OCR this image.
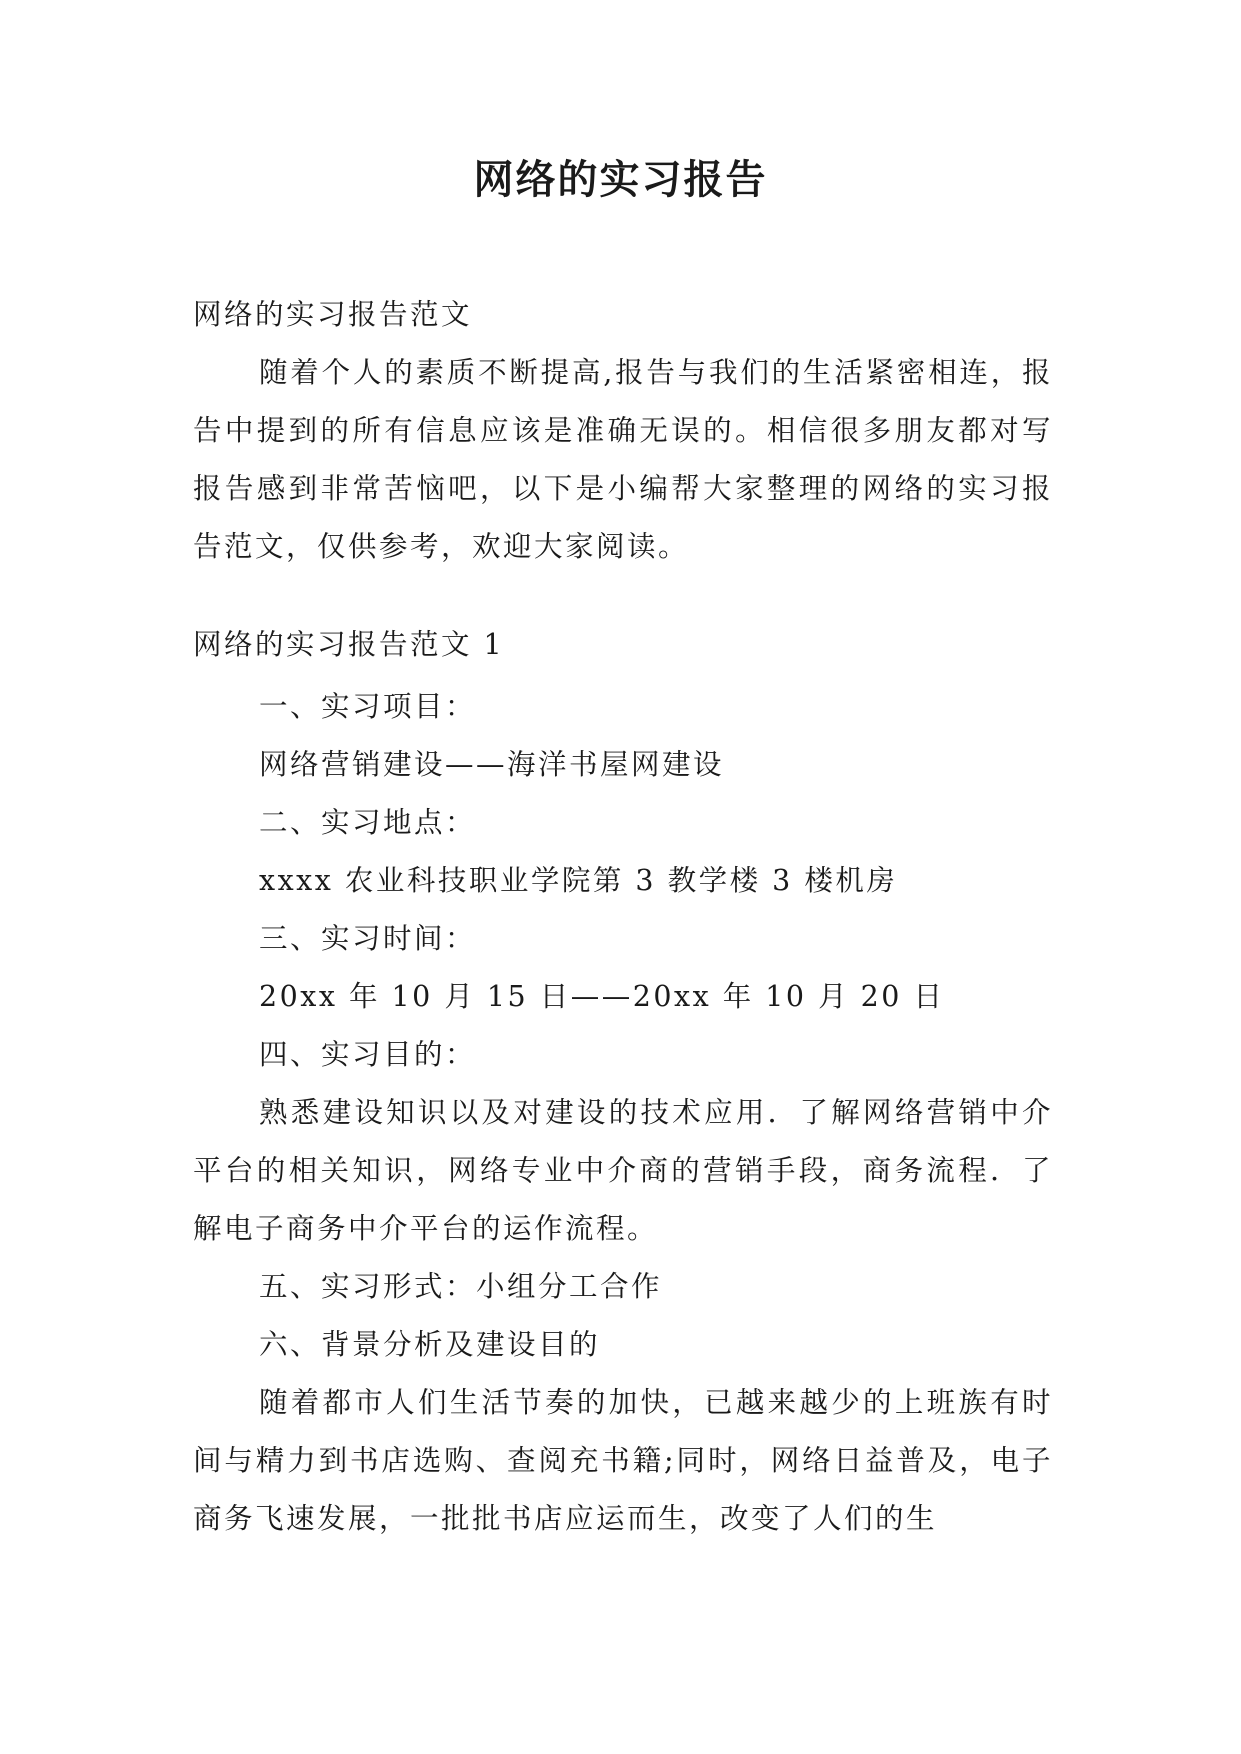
网络的实习报告

网络的实习报告范文

随着个人的素质不断提高,报告与我们的生活紧密相连，报告中提到的所有信息应该是准确无误的。相信很多朋友都对写报告感到非常苦恼吧，以下是小编帮大家整理的网络的实习报告范文，仅供参考，欢迎大家阅读。

网络的实习报告范文 1

一、实习项目：

网络营销建设——海洋书屋网建设

二、实习地点：

xxxx 农业科技职业学院第 3 教学楼 3 楼机房

三、实习时间：

20xx 年 10 月 15 日——20xx 年 10 月 20 日

四、实习目的：

熟悉建设知识以及对建设的技术应用．了解网络营销中介平台的相关知识，网络专业中介商的营销手段，商务流程．了解电子商务中介平台的运作流程。

五、实习形式：小组分工合作

六、背景分析及建设目的

随着都市人们生活节奏的加快，已越来越少的上班族有时间与精力到书店选购、查阅充书籍;同时，网络日益普及，电子商务飞速发展，一批批书店应运而生，改变了人们的生
